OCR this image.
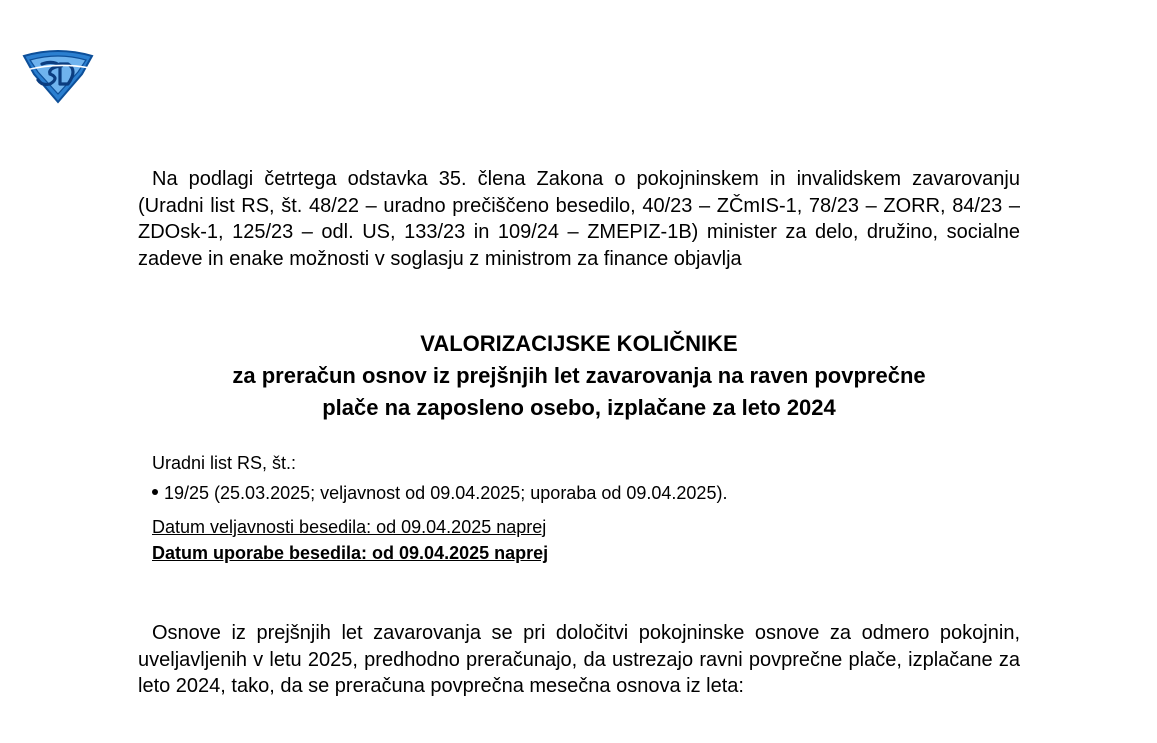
Na podlagi četrtega odstavka 35. člena Zakona o pokojninskem in invalidskem zavarovanju (Uradni list RS, št. 48/22 – uradno prečiščeno besedilo, 40/23 – ZČmIS-1, 78/23 – ZORR, 84/23 – ZDOsk-1, 125/23 – odl. US, 133/23 in 109/24 – ZMEPIZ-1B) minister za delo, družino, socialne zadeve in enake možnosti v soglasju z ministrom za finance objavlja

VALORIZACIJSKE KOLIČNIKE
za preračun osnov iz prejšnjih let zavarovanja na raven povprečne
plače na zaposleno osebo, izplačane za leto 2024
Uradni list RS, št.:
19/25 (25.03.2025; veljavnost od 09.04.2025; uporaba od 09.04.2025).
Datum veljavnosti besedila: od 09.04.2025 naprej
Datum uporabe besedila: od 09.04.2025 naprej

Osnove iz prejšnjih let zavarovanja se pri določitvi pokojninske osnove za odmero pokojnin, uveljavljenih v letu 2025, predhodno preračunajo, da ustrezajo ravni povprečne plače, izplačane za leto 2024, tako, da se preračuna povprečna mesečna osnova iz leta:
